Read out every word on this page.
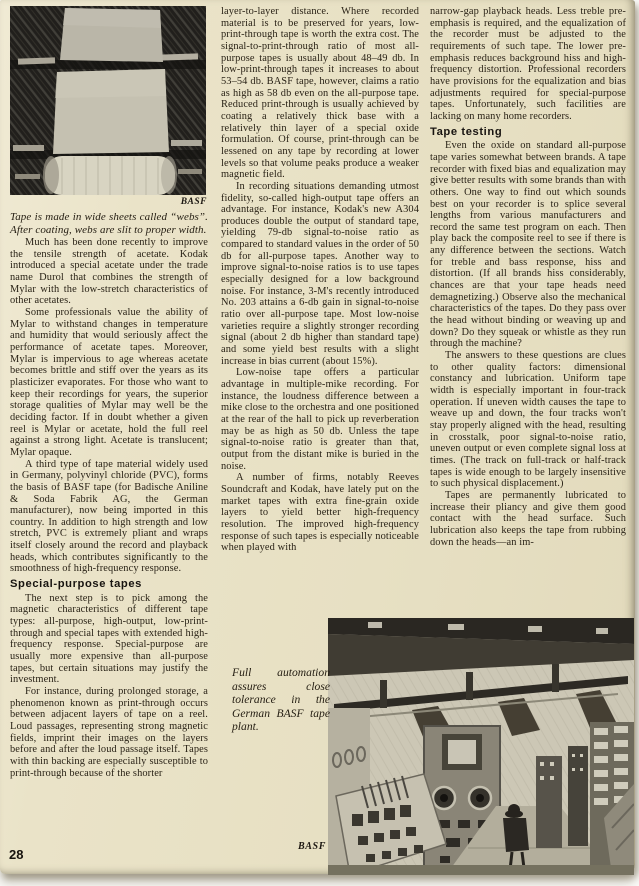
BASF

Tape is made in wide sheets called “webs”. After coating, webs are slit to proper width.

Much has been done recently to improve the tensile strength of acetate. Kodak introduced a special acetate under the trade name Durol that combines the strength of Mylar with the low-stretch characteristics of other acetates.

Some professionals value the ability of Mylar to withstand changes in temperature and humidity that would seriously affect the performance of acetate tapes. Moreover, Mylar is impervious to age whereas acetate becomes brittle and stiff over the years as its plasticizer evaporates. For those who want to keep their recordings for years, the superior storage qualities of Mylar may well be the deciding factor. If in doubt whether a given reel is Mylar or acetate, hold the full reel against a strong light. Acetate is translucent; Mylar opaque.

A third type of tape material widely used in Germany, polyvinyl chloride (PVC), forms the basis of BASF tape (for Badische Aniline & Soda Fabrik AG, the German manufacturer), now being imported in this country. In addition to high strength and low stretch, PVC is extremely pliant and wraps itself closely around the record and playback heads, which contributes significantly to the smoothness of high-frequency response.

Special-purpose tapes

The next step is to pick among the magnetic characteristics of different tape types: all-purpose, high-output, low-print-through and special tapes with extended high-frequency response. Special-purpose are usually more expensive than all-purpose tapes, but certain situations may justify the investment.

For instance, during prolonged storage, a phenomenon known as print-through occurs between adjacent layers of tape on a reel. Loud passages, representing strong magnetic fields, imprint their images on the layers before and after the loud passage itself. Tapes with thin backing are especially susceptible to print-through because of the shorter

layer-to-layer distance. Where recorded material is to be preserved for years, low-print-through tape is worth the extra cost. The signal-to-print-through ratio of most all-purpose tapes is usually about 48–49 db. In low-print-through tapes it increases to about 53–54 db. BASF tape, however, claims a ratio as high as 58 db even on the all-purpose tape. Reduced print-through is usually achieved by coating a relatively thick base with a relatively thin layer of a special oxide formulation. Of course, print-through can be lessened on any tape by recording at lower levels so that volume peaks produce a weaker magnetic field.

In recording situations demanding utmost fidelity, so-called high-output tape offers an advantage. For instance, Kodak's new A304 produces double the output of standard tape, yielding 79-db signal-to-noise ratio as compared to standard values in the order of 50 db for all-purpose tapes. Another way to improve signal-to-noise ratios is to use tapes especially designed for a low background noise. For instance, 3-M's recently introduced No. 203 attains a 6-db gain in signal-to-noise ratio over all-purpose tape. Most low-noise varieties require a slightly stronger recording signal (about 2 db higher than standard tape) and some yield best results with a slight increase in bias current (about 15%).

Low-noise tape offers a particular advantage in multiple-mike recording. For instance, the loudness difference between a mike close to the orchestra and one positioned at the rear of the hall to pick up reverberation may be as high as 50 db. Unless the tape signal-to-noise ratio is greater than that, output from the distant mike is buried in the noise.

A number of firms, notably Reeves Soundcraft and Kodak, have lately put on the market tapes with extra fine-grain oxide layers to yield better high-frequency resolution. The improved high-frequency response of such tapes is especially noticeable when played with

narrow-gap playback heads. Less treble pre-emphasis is required, and the equalization of the recorder must be adjusted to the requirements of such tape. The lower pre-emphasis reduces background hiss and high-frequency distortion. Professional recorders have provisions for the equalization and bias adjustments required for special-purpose tapes. Unfortunately, such facilities are lacking on many home recorders.

Tape testing

Even the oxide on standard all-purpose tape varies somewhat between brands. A tape recorder with fixed bias and equalization may give better results with some brands than with others. One way to find out which sounds best on your recorder is to splice several lengths from various manufacturers and record the same test program on each. Then play back the composite reel to see if there is any difference between the sections. Watch for treble and bass response, hiss and distortion. (If all brands hiss considerably, chances are that your tape heads need demagnetizing.) Observe also the mechanical characteristics of the tapes. Do they pass over the head without binding or weaving up and down? Do they squeak or whistle as they run through the machine?

The answers to these questions are clues to other quality factors: dimensional constancy and lubrication. Uniform tape width is especially important in four-track operation. If uneven width causes the tape to weave up and down, the four tracks won't stay properly aligned with the head, resulting in crosstalk, poor signal-to-noise ratio, uneven output or even complete signal loss at times. (The track on full-track or half-track tapes is wide enough to be largely insensitive to such physical displacement.)

Tapes are permanently lubricated to increase their pliancy and give them good contact with the head surface. Such lubrication also keeps the tape from rubbing down the heads—an im-

Full automation assures close tolerance in the German BASF tape plant.
BASF
28
